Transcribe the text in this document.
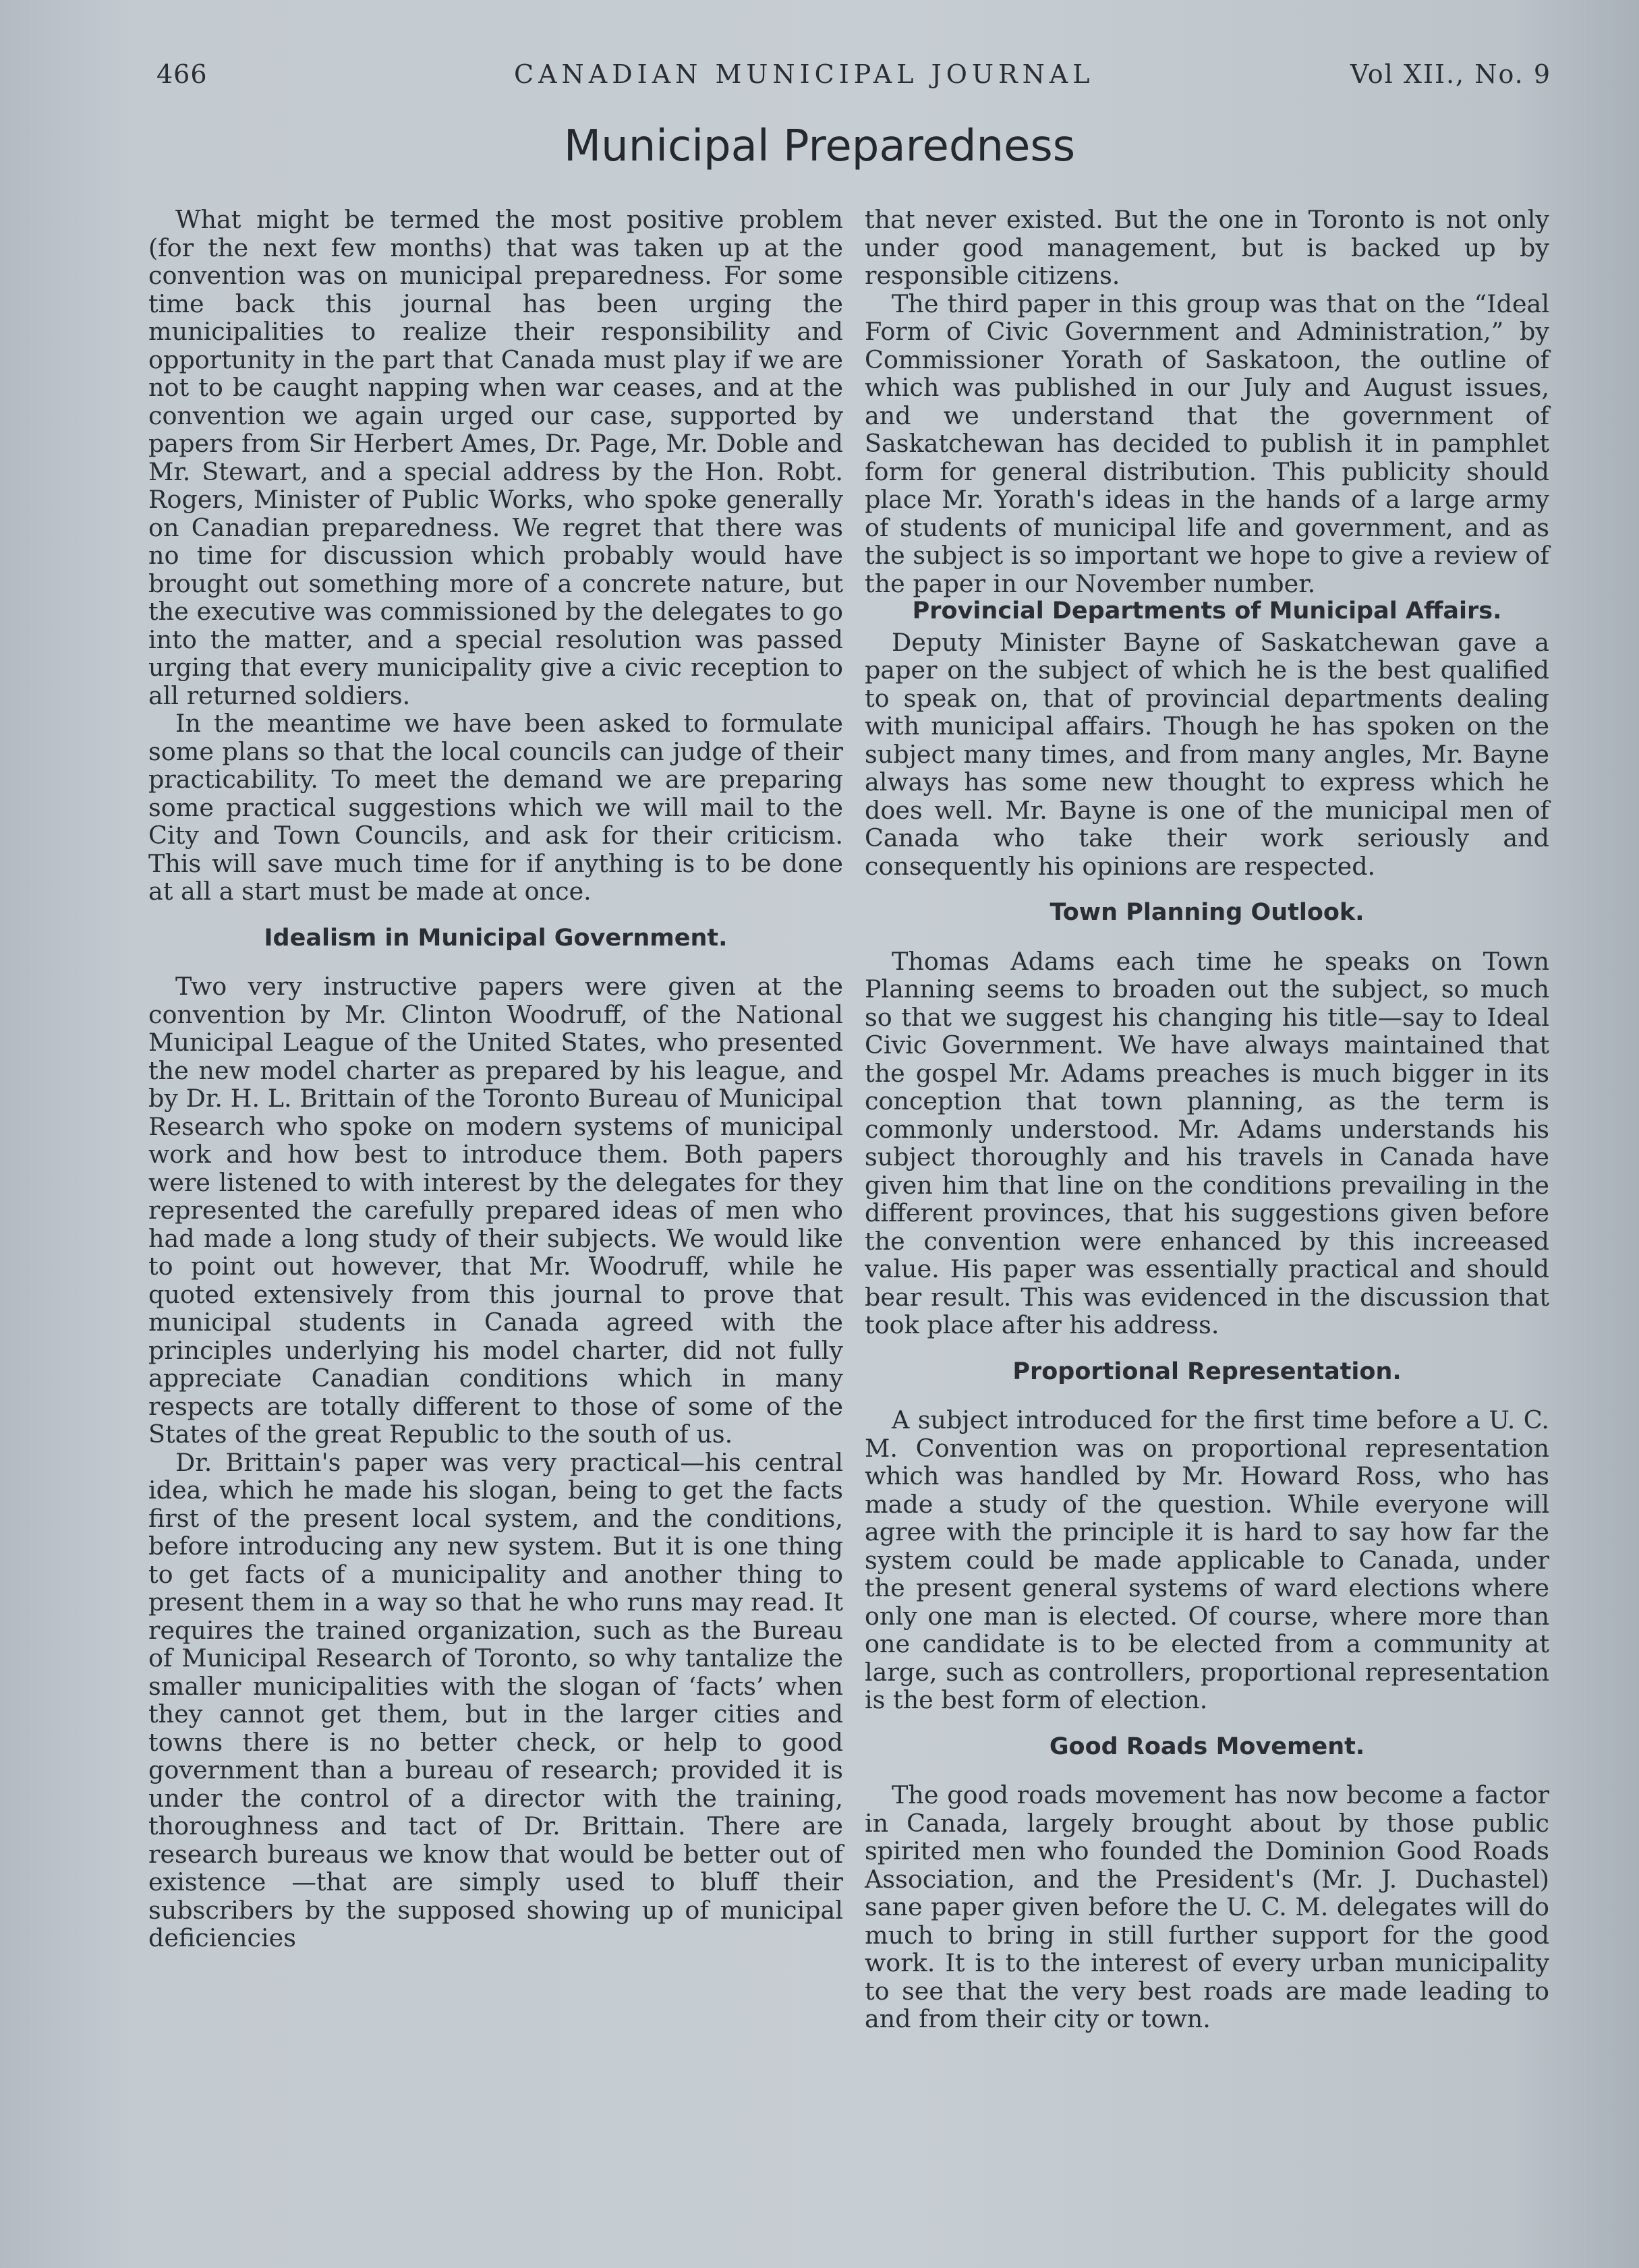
466	CANADIAN MUNICIPAL JOURNAL	Vol XII., No. 9
Municipal Preparedness

What might be termed the most positive problem (for the next few months) that was taken up at the convention was on municipal preparedness. For some time back this journal has been urging the municipalities to realize their responsibility and opportunity in the part that Canada must play if we are not to be caught napping when war ceases, and at the convention we again urged our case, supported by papers from Sir Herbert Ames, Dr. Page, Mr. Doble and Mr. Stewart, and a special address by the Hon. Robt. Rogers, Minister of Public Works, who spoke generally on Canadian preparedness. We regret that there was no time for discussion which probably would have brought out something more of a concrete nature, but the executive was commissioned by the delegates to go into the matter, and a special resolution was passed urging that every municipality give a civic reception to all returned soldiers.

In the meantime we have been asked to formulate some plans so that the local councils can judge of their practicability. To meet the demand we are preparing some practical suggestions which we will mail to the City and Town Councils, and ask for their criticism. This will save much time for if anything is to be done at all a start must be made at once.

Idealism in Municipal Government.

Two very instructive papers were given at the convention by Mr. Clinton Woodruff, of the National Municipal League of the United States, who presented the new model charter as prepared by his league, and by Dr. H. L. Brittain of the Toronto Bureau of Municipal Research who spoke on modern systems of municipal work and how best to introduce them. Both papers were listened to with interest by the delegates for they represented the carefully prepared ideas of men who had made a long study of their subjects. We would like to point out however, that Mr. Woodruff, while he quoted extensively from this journal to prove that municipal students in Canada agreed with the principles underlying his model charter, did not fully appreciate Canadian conditions which in many respects are totally different to those of some of the States of the great Republic to the south of us.

Dr. Brittain's paper was very practical—his central idea, which he made his slogan, being to get the facts first of the present local system, and the conditions, before introducing any new system. But it is one thing to get facts of a municipality and another thing to present them in a way so that he who runs may read. It requires the trained organization, such as the Bureau of Municipal Research of Toronto, so why tantalize the smaller municipalities with the slogan of ‘facts’ when they cannot get them, but in the larger cities and towns there is no better check, or help to good government than a bureau of research; provided it is under the control of a director with the training, thoroughness and tact of Dr. Brittain. There are research bureaus we know that would be better out of existence —that are simply used to bluff their subscribers by the supposed showing up of municipal deficiencies

that never existed. But the one in Toronto is not only under good management, but is backed up by responsible citizens.

The third paper in this group was that on the “Ideal Form of Civic Government and Administration,” by Commissioner Yorath of Saskatoon, the outline of which was published in our July and August issues, and we understand that the government of Saskatchewan has decided to publish it in pamphlet form for general distribution. This publicity should place Mr. Yorath's ideas in the hands of a large army of students of municipal life and government, and as the subject is so important we hope to give a review of the paper in our November number.

Provincial Departments of Municipal Affairs.

Deputy Minister Bayne of Saskatchewan gave a paper on the subject of which he is the best qualified to speak on, that of provincial departments dealing with municipal affairs. Though he has spoken on the subject many times, and from many angles, Mr. Bayne always has some new thought to express which he does well. Mr. Bayne is one of the municipal men of Canada who take their work seriously and consequently his opinions are respected.

Town Planning Outlook.

Thomas Adams each time he speaks on Town Planning seems to broaden out the subject, so much so that we suggest his changing his title—say to Ideal Civic Government. We have always maintained that the gospel Mr. Adams preaches is much bigger in its conception that town planning, as the term is commonly understood. Mr. Adams understands his subject thoroughly and his travels in Canada have given him that line on the conditions prevailing in the different provinces, that his suggestions given before the convention were enhanced by this increeased value. His paper was essentially practical and should bear result. This was evidenced in the discussion that took place after his address.

Proportional Representation.

A subject introduced for the first time before a U. C. M. Convention was on proportional representation which was handled by Mr. Howard Ross, who has made a study of the question. While everyone will agree with the principle it is hard to say how far the system could be made applicable to Canada, under the present general systems of ward elections where only one man is elected. Of course, where more than one candidate is to be elected from a community at large, such as controllers, proportional representation is the best form of election.

Good Roads Movement.

The good roads movement has now become a factor in Canada, largely brought about by those public spirited men who founded the Dominion Good Roads Association, and the President's (Mr. J. Duchastel) sane paper given before the U. C. M. delegates will do much to bring in still further support for the good work. It is to the interest of every urban municipality to see that the very best roads are made leading to and from their city or town.
